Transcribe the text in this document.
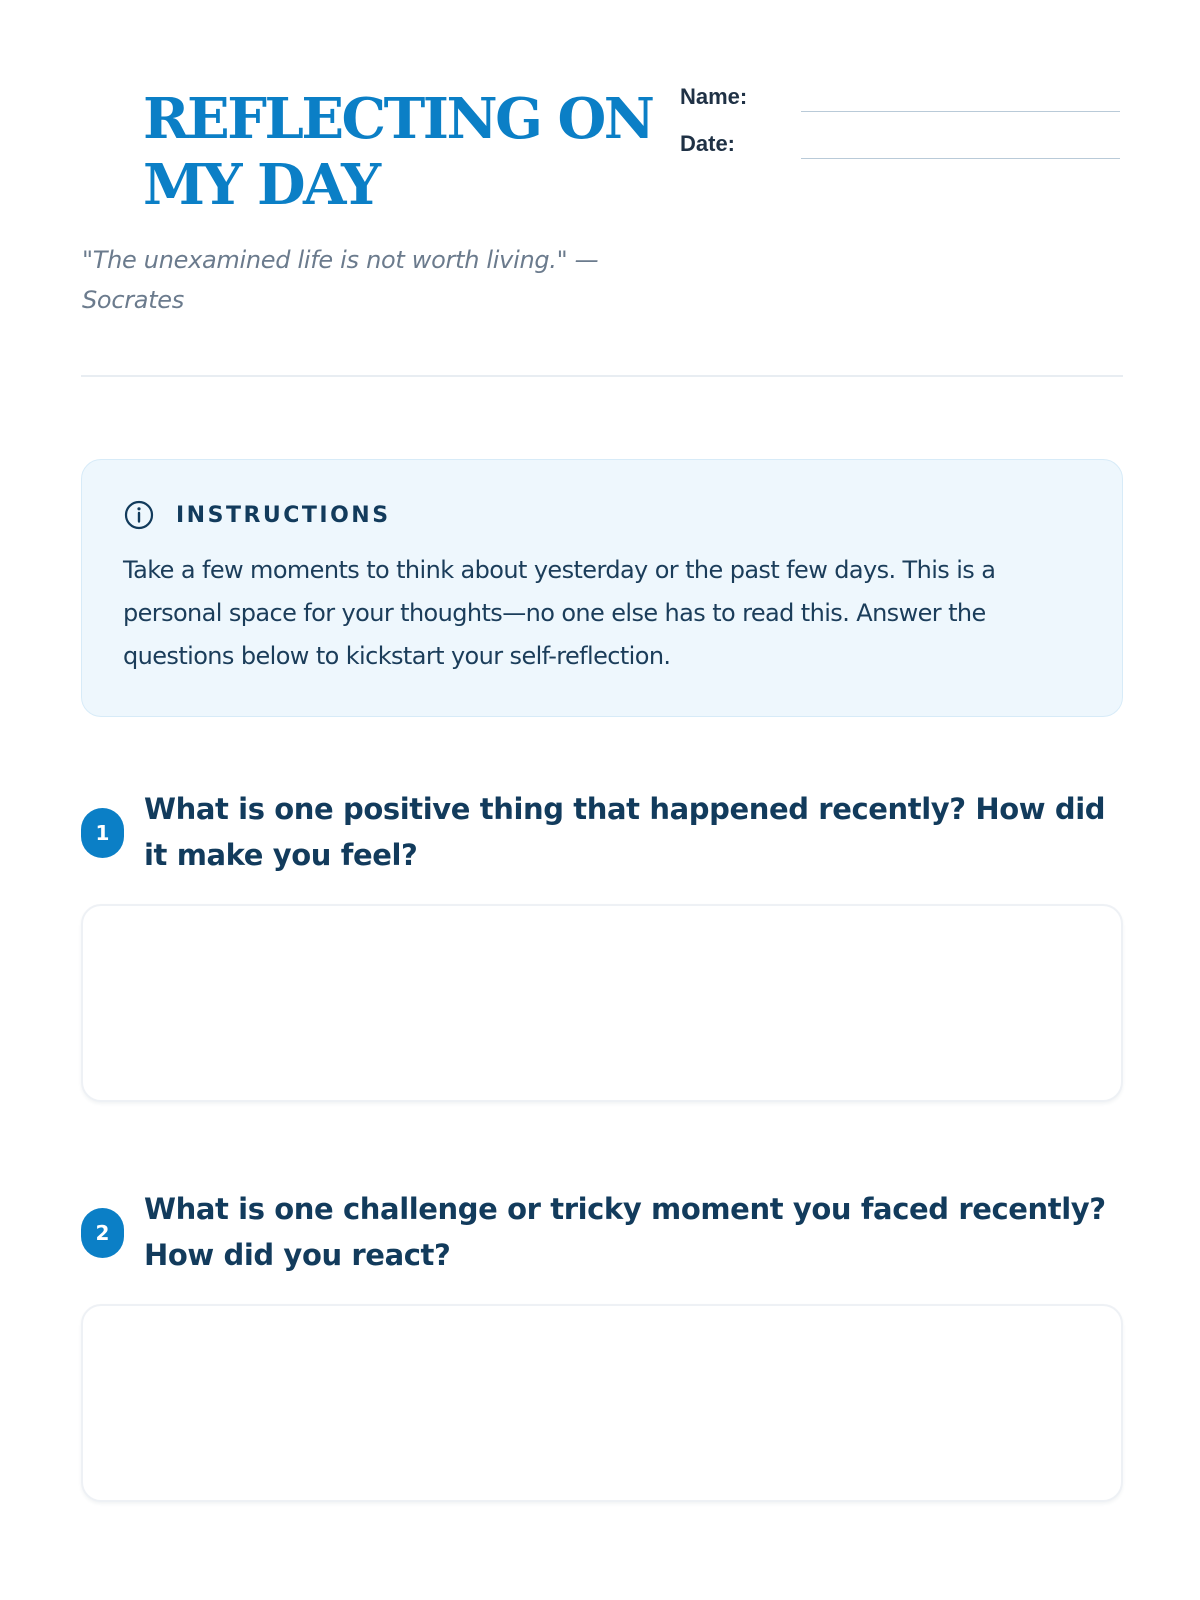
REFLECTING ON
MY DAY
Name:
Date:

"The unexamined life is not worth living." —
Socrates

INSTRUCTIONS

Take a few moments to think about yesterday or the past few days. This is a personal space for your thoughts—no one else has to read this. Answer the questions below to kickstart your self-reflection.

1

What is one positive thing that happened recently? How did it make you feel?

2

What is one challenge or tricky moment you faced recently? How did you react?
